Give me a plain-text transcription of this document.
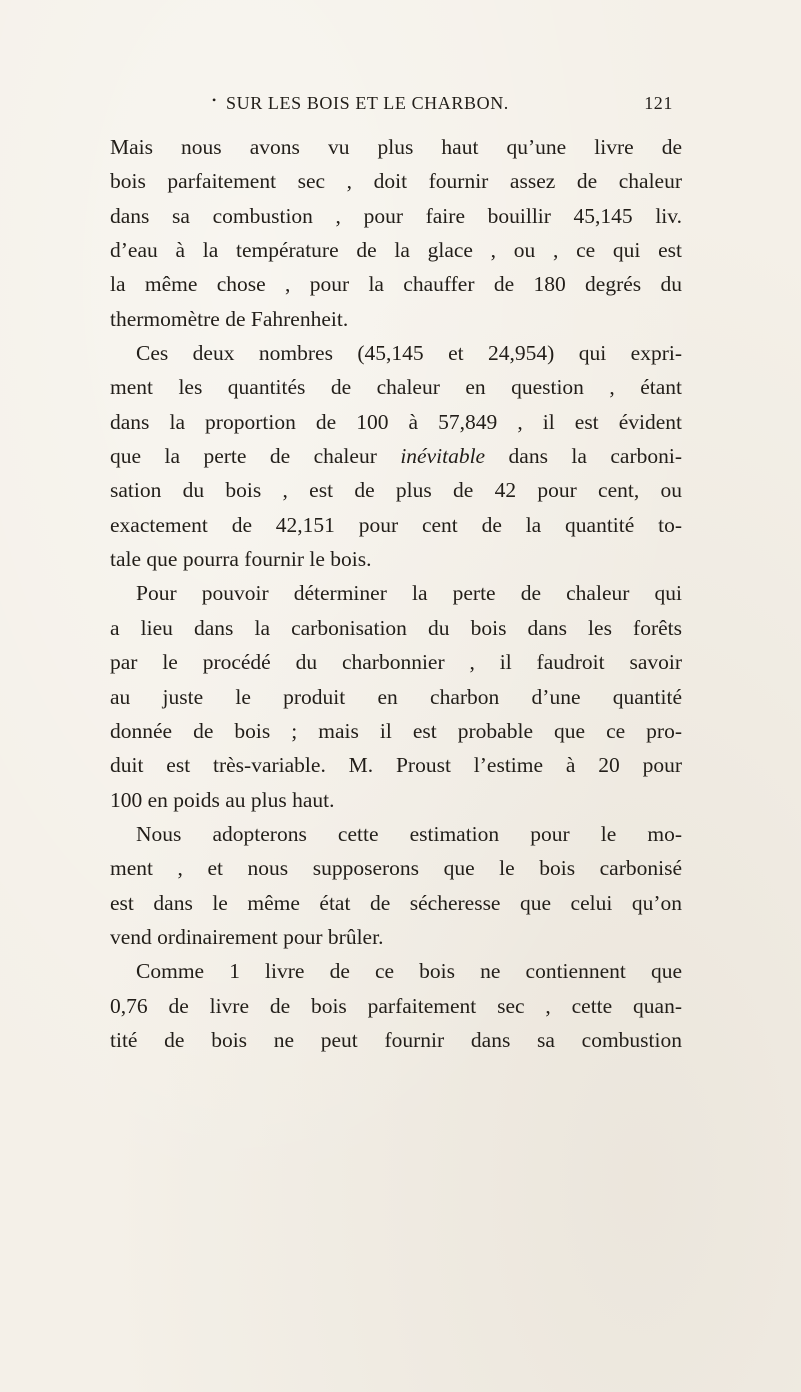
• SUR LES BOIS ET LE CHARBON.	121
Mais nous avons vu plus haut qu’une livre de
bois parfaitement sec , doit fournir assez de chaleur
dans sa combustion , pour faire bouillir 45,145 liv.
d’eau à la température de la glace , ou , ce qui est
la même chose , pour la chauffer de 180 degrés du
thermomètre de Fahrenheit.
Ces deux nombres (45,145 et 24,954) qui expri-
ment les quantités de chaleur en question , étant
dans la proportion de 100 à 57,849 , il est évident
que la perte de chaleur inévitable dans la carboni-
sation du bois , est de plus de 42 pour cent, ou
exactement de 42,151 pour cent de la quantité to-
tale que pourra fournir le bois.
Pour pouvoir déterminer la perte de chaleur qui
a lieu dans la carbonisation du bois dans les forêts
par le procédé du charbonnier , il faudroit savoir
au juste le produit en charbon d’une quantité
donnée de bois ; mais il est probable que ce pro-
duit est très-variable. M. Proust l’estime à 20 pour
100 en poids au plus haut.
Nous adopterons cette estimation pour le mo-
ment , et nous supposerons que le bois carbonisé
est dans le même état de sécheresse que celui qu’on
vend ordinairement pour brûler.
Comme 1 livre de ce bois ne contiennent que
0,76 de livre de bois parfaitement sec , cette quan-
tité de bois ne peut fournir dans sa combustion
